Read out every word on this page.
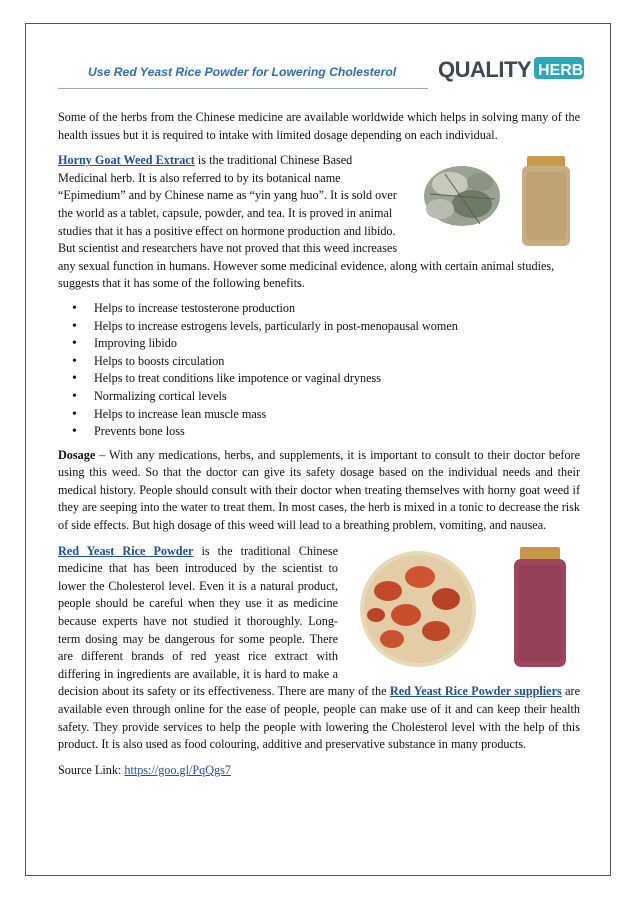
Use Red Yeast Rice Powder for Lowering Cholesterol QUALITY HERB

Some of the herbs from the Chinese medicine are available worldwide which helps in solving many of the health issues but it is required to intake with limited dosage depending on each individual.

Horny Goat Weed Extract is the traditional Chinese Based Medicinal herb. It is also referred to by its botanical name “Epimedium” and by Chinese name as “yin yang huo”. It is sold over the world as a tablet, capsule, powder, and tea. It is proved in animal studies that it has a positive effect on hormone production and libido. But scientist and researchers have not proved that this weed increases any sexual function in humans. However some medicinal evidence, along with certain animal studies, suggests that it has some of the following benefits.

• Helps to increase testosterone production
• Helps to increase estrogens levels, particularly in post-menopausal women
• Improving libido
• Helps to boosts circulation
• Helps to treat conditions like impotence or vaginal dryness
• Normalizing cortical levels
• Helps to increase lean muscle mass
• Prevents bone loss

Dosage – With any medications, herbs, and supplements, it is important to consult to their doctor before using this weed. So that the doctor can give its safety dosage based on the individual needs and their medical history. People should consult with their doctor when treating themselves with horny goat weed if they are seeping into the water to treat them. In most cases, the herb is mixed in a tonic to decrease the risk of side effects. But high dosage of this weed will lead to a breathing problem, vomiting, and nausea.

Red Yeast Rice Powder is the traditional Chinese medicine that has been introduced by the scientist to lower the Cholesterol level. Even it is a natural product, people should be careful when they use it as medicine because experts have not studied it thoroughly. Long-term dosing may be dangerous for some people. There are different brands of red yeast rice extract with differing in ingredients are available, it is hard to make a decision about its safety or its effectiveness. There are many of the Red Yeast Rice Powder suppliers are available even through online for the ease of people, people can make use of it and can keep their health safety. They provide services to help the people with lowering the Cholesterol level with the help of this product. It is also used as food colouring, additive and preservative substance in many products.

Source Link: https://goo.gl/PqQgs7
